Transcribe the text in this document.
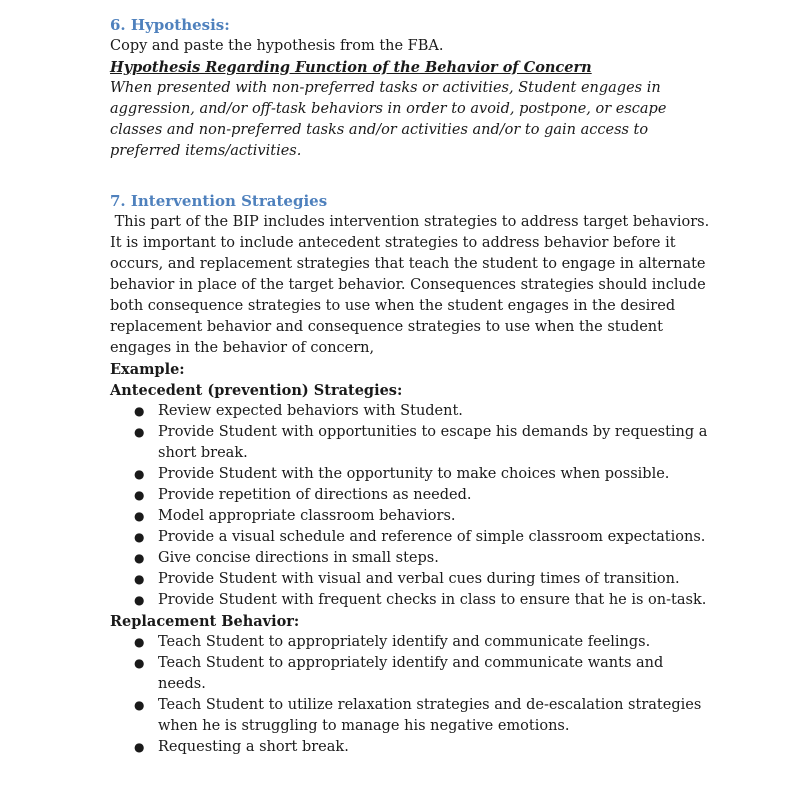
6. Hypothesis:

Copy and paste the hypothesis from the FBA.

Hypothesis Regarding Function of the Behavior of Concern

When presented with non-preferred tasks or activities, Student engages in aggression, and/or off-task behaviors in order to avoid, postpone, or escape classes and non-preferred tasks and/or activities and/or to gain access to preferred items/activities.

7. Intervention Strategies

This part of the BIP includes intervention strategies to address target behaviors. It is important to include antecedent strategies to address behavior before it occurs, and replacement strategies that teach the student to engage in alternate behavior in place of the target behavior. Consequences strategies should include both consequence strategies to use when the student engages in the desired replacement behavior and consequence strategies to use when the student engages in the behavior of concern,

Example:

Antecedent (prevention) Strategies:

● Review expected behaviors with Student.
● Provide Student with opportunities to escape his demands by requesting a short break.
● Provide Student with the opportunity to make choices when possible.
● Provide repetition of directions as needed.
● Model appropriate classroom behaviors.
● Provide a visual schedule and reference of simple classroom expectations.
● Give concise directions in small steps.
● Provide Student with visual and verbal cues during times of transition.
● Provide Student with frequent checks in class to ensure that he is on-task.

Replacement Behavior:

● Teach Student to appropriately identify and communicate feelings.
● Teach Student to appropriately identify and communicate wants and needs.
● Teach Student to utilize relaxation strategies and de-escalation strategies when he is struggling to manage his negative emotions.
● Requesting a short break.
